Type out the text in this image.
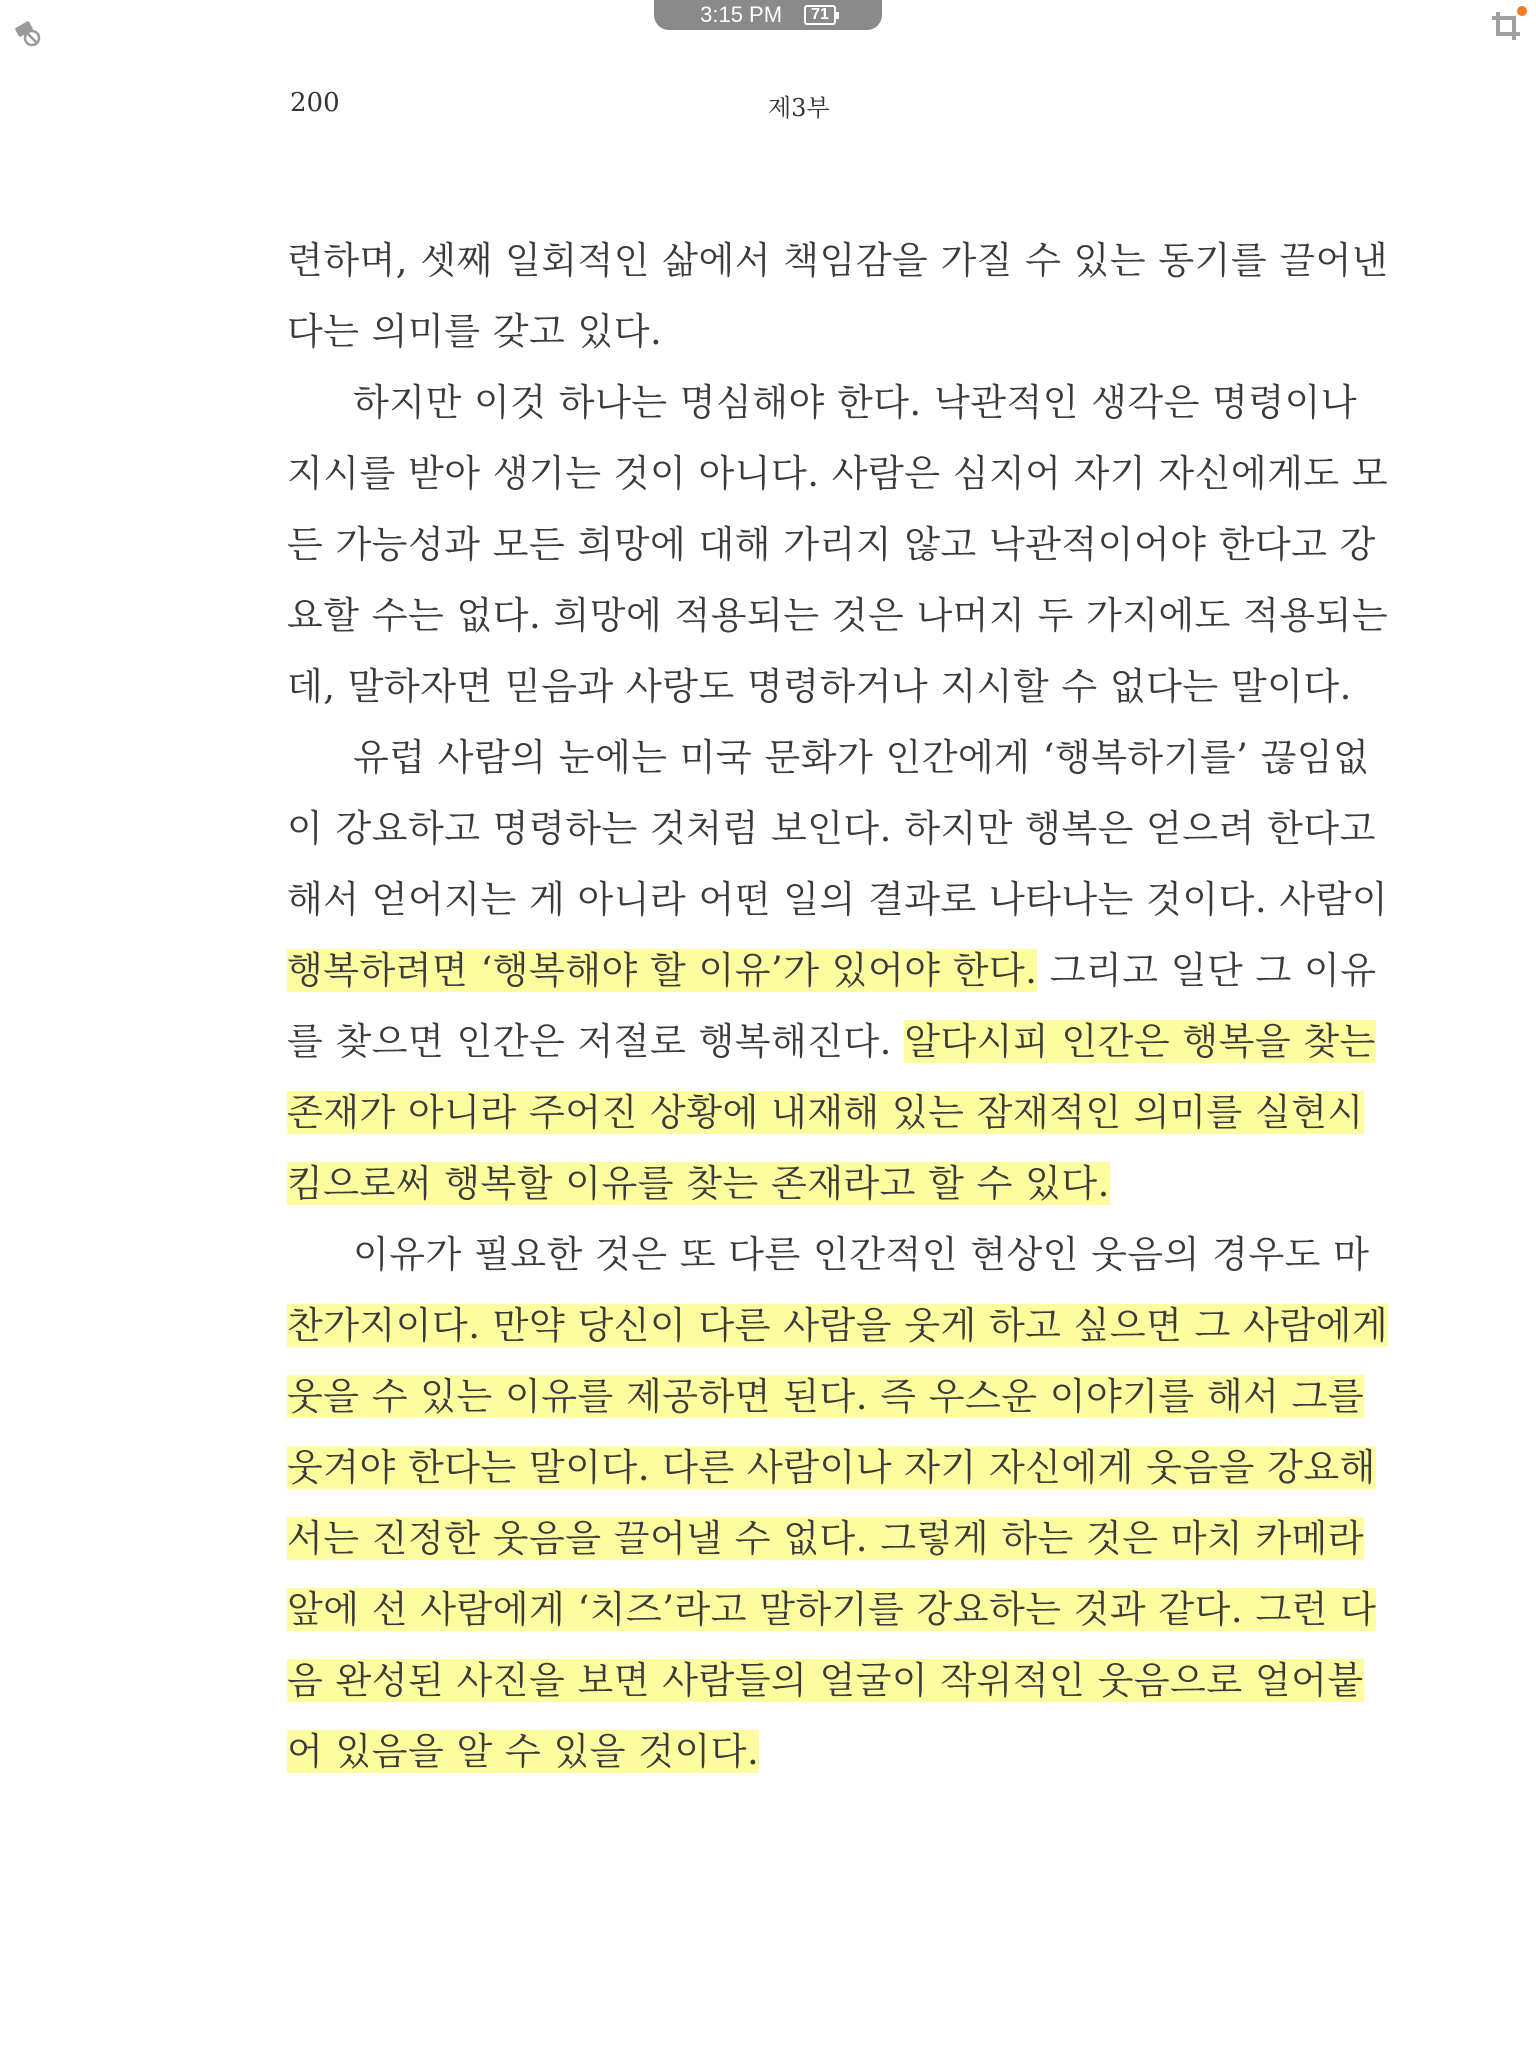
3:15 PM	71
200	제3부
련하며, 셋째 일회적인 삶에서 책임감을 가질 수 있는 동기를 끌어낸
다는 의미를 갖고 있다.
하지만 이것 하나는 명심해야 한다. 낙관적인 생각은 명령이나
지시를 받아 생기는 것이 아니다. 사람은 심지어 자기 자신에게도 모
든 가능성과 모든 희망에 대해 가리지 않고 낙관적이어야 한다고 강
요할 수는 없다. 희망에 적용되는 것은 나머지 두 가지에도 적용되는
데, 말하자면 믿음과 사랑도 명령하거나 지시할 수 없다는 말이다.
유럽 사람의 눈에는 미국 문화가 인간에게 ‘행복하기를’ 끊임없
이 강요하고 명령하는 것처럼 보인다. 하지만 행복은 얻으려 한다고
해서 얻어지는 게 아니라 어떤 일의 결과로 나타나는 것이다. 사람이
행복하려면 ‘행복해야 할 이유’가 있어야 한다. 그리고 일단 그 이유
를 찾으면 인간은 저절로 행복해진다. 알다시피 인간은 행복을 찾는
존재가 아니라 주어진 상황에 내재해 있는 잠재적인 의미를 실현시
킴으로써 행복할 이유를 찾는 존재라고 할 수 있다.
이유가 필요한 것은 또 다른 인간적인 현상인 웃음의 경우도 마
찬가지이다. 만약 당신이 다른 사람을 웃게 하고 싶으면 그 사람에게
웃을 수 있는 이유를 제공하면 된다. 즉 우스운 이야기를 해서 그를
웃겨야 한다는 말이다. 다른 사람이나 자기 자신에게 웃음을 강요해
서는 진정한 웃음을 끌어낼 수 없다. 그렇게 하는 것은 마치 카메라
앞에 선 사람에게 ‘치즈’라고 말하기를 강요하는 것과 같다. 그런 다
음 완성된 사진을 보면 사람들의 얼굴이 작위적인 웃음으로 얼어붙
어 있음을 알 수 있을 것이다.
